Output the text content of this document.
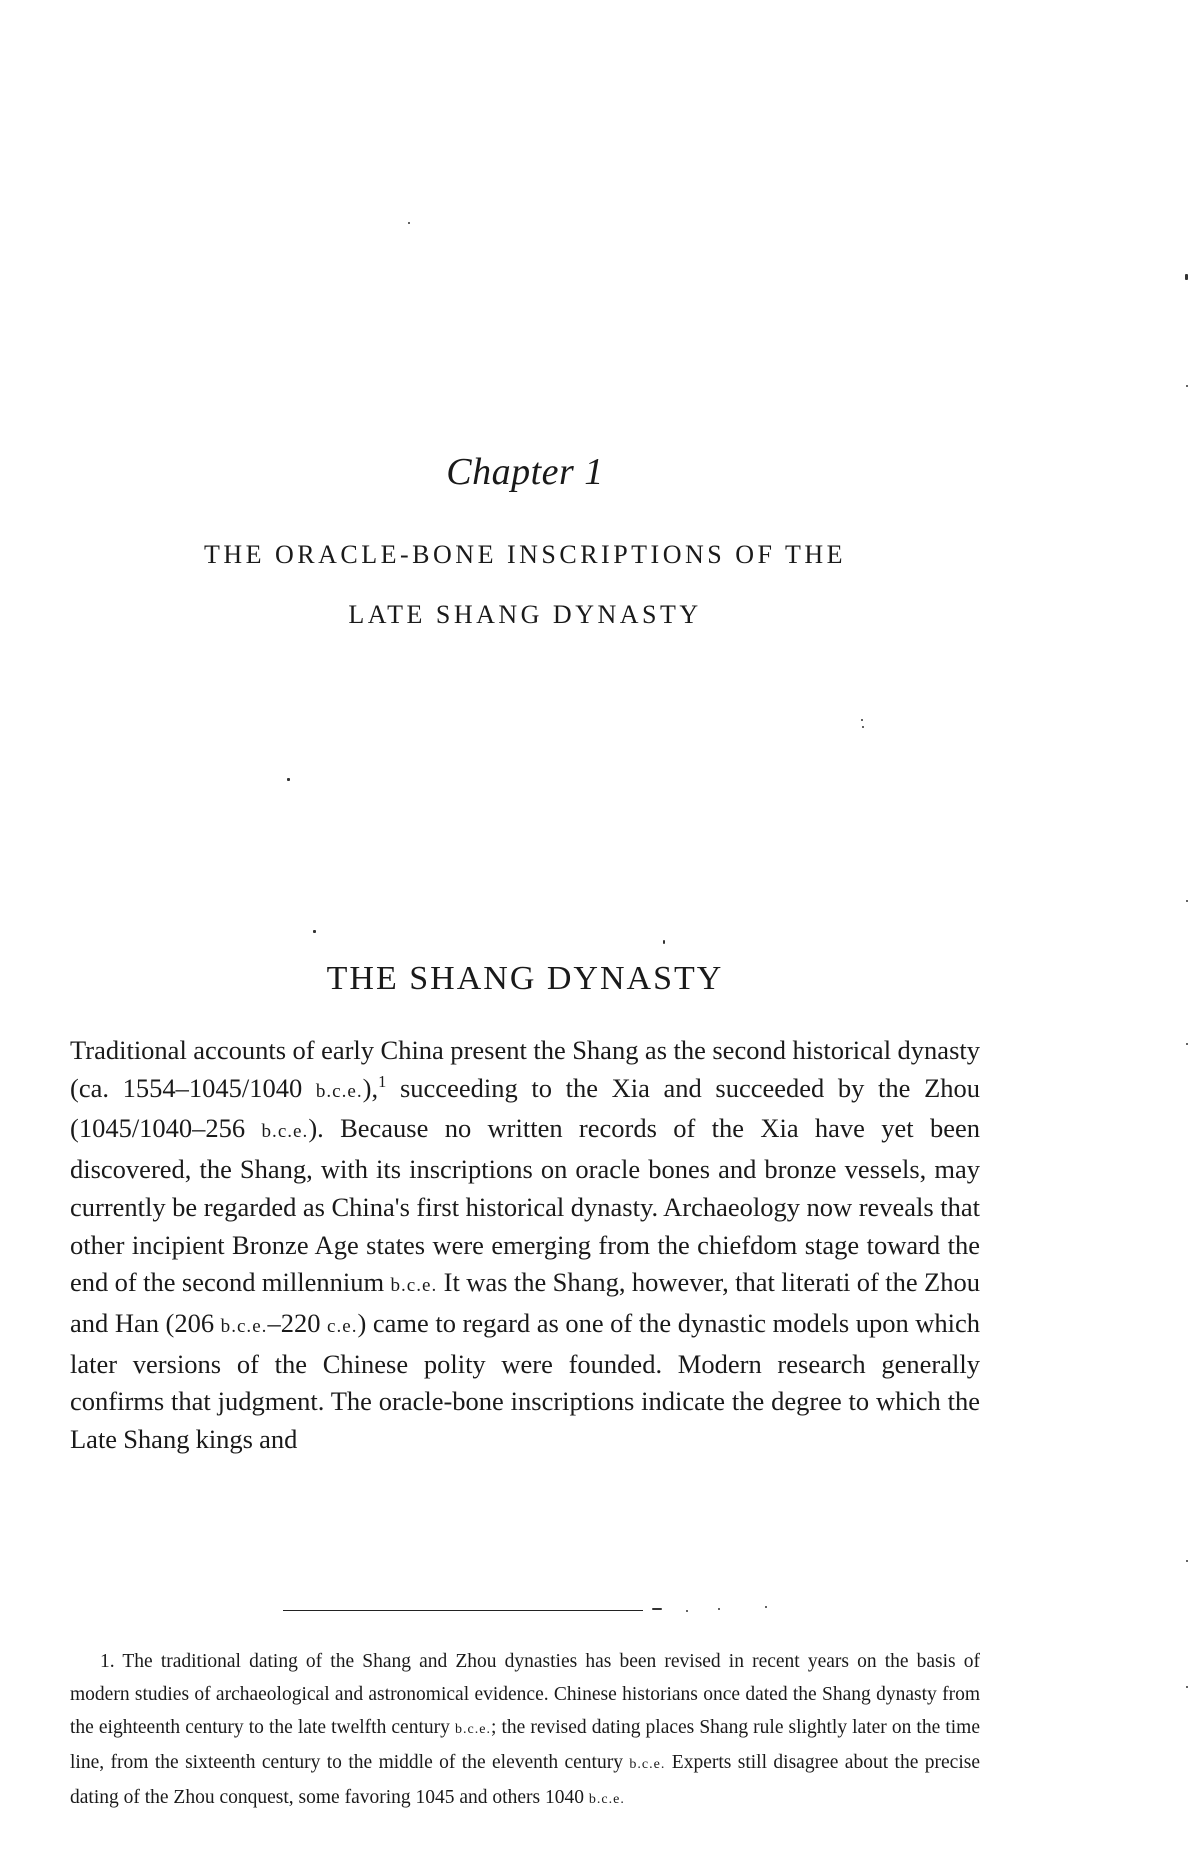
Chapter 1
THE ORACLE-BONE INSCRIPTIONS OF THE
LATE SHANG DYNASTY
THE SHANG DYNASTY

Traditional accounts of early China present the Shang as the second historical dynasty (ca. 1554–1045/1040 b.c.e.),$^1$ succeeding to the Xia and succeeded by the Zhou (1045/1040–256 b.c.e.). Because no written records of the Xia have yet been discovered, the Shang, with its inscriptions on oracle bones and bronze vessels, may currently be regarded as China's first historical dynasty. Archaeology now reveals that other incipient Bronze Age states were emerging from the chiefdom stage toward the end of the second millennium b.c.e. It was the Shang, however, that literati of the Zhou and Han (206 b.c.e.–220 c.e.) came to regard as one of the dynastic models upon which later versions of the Chinese polity were founded. Modern research generally confirms that judgment. The oracle-bone inscriptions indicate the degree to which the Late Shang kings and

1. The traditional dating of the Shang and Zhou dynasties has been revised in recent years on the basis of modern studies of archaeological and astronomical evidence. Chinese historians once dated the Shang dynasty from the eighteenth century to the late twelfth century b.c.e.; the revised dating places Shang rule slightly later on the time line, from the sixteenth century to the middle of the eleventh century b.c.e. Experts still disagree about the precise dating of the Zhou conquest, some favoring 1045 and others 1040 b.c.e.
